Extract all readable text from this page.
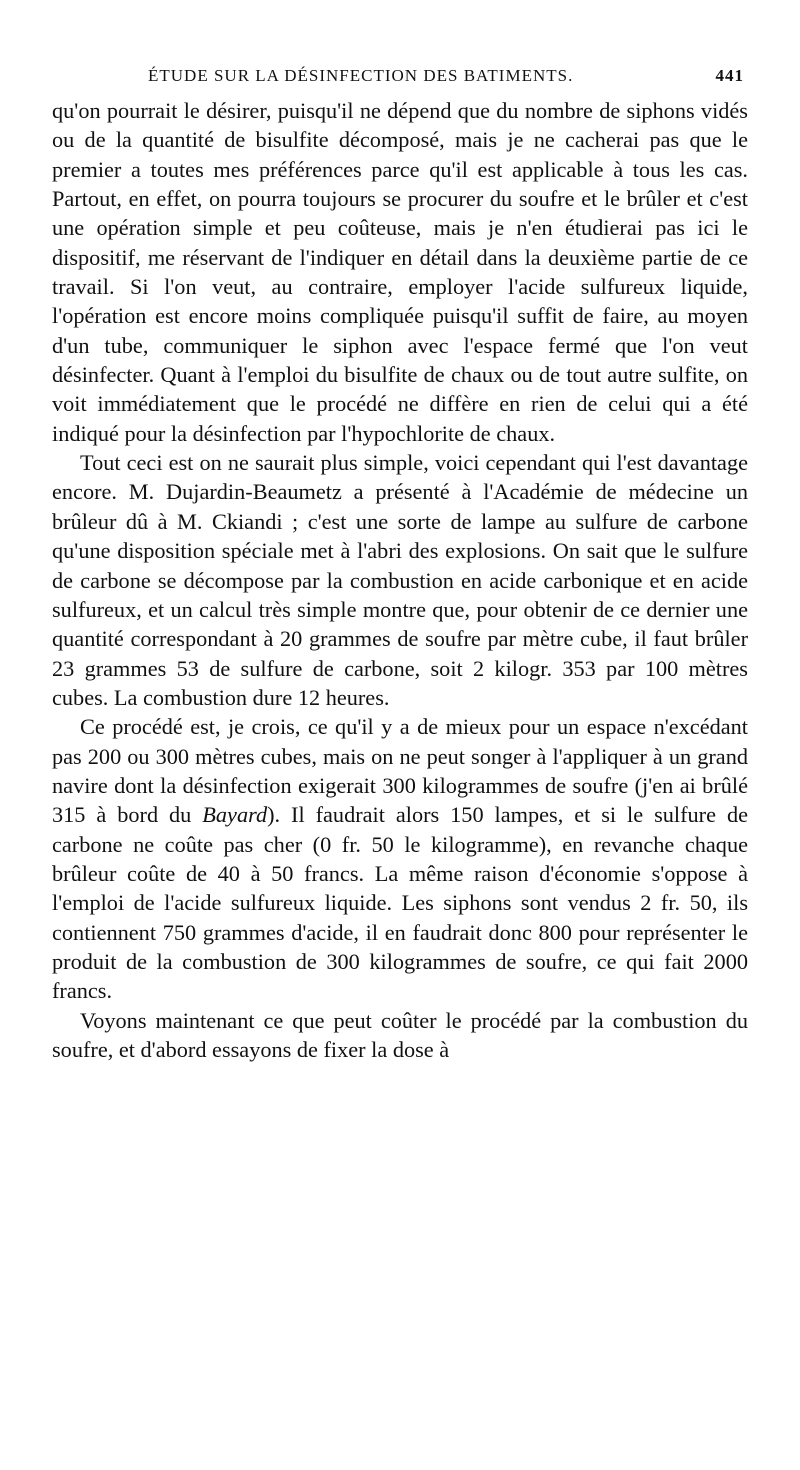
ÉTUDE SUR LA DÉSINFECTION DES BATIMENTS.	441

qu'on pourrait le désirer, puisqu'il ne dépend que du nombre de siphons vidés ou de la quantité de bisulfite décomposé, mais je ne cacherai pas que le premier a toutes mes préférences parce qu'il est applicable à tous les cas. Partout, en effet, on pourra toujours se procurer du soufre et le brûler et c'est une opération simple et peu coûteuse, mais je n'en étudierai pas ici le dispositif, me réservant de l'indiquer en détail dans la deuxième partie de ce travail. Si l'on veut, au contraire, employer l'acide sulfureux liquide, l'opération est encore moins compliquée puisqu'il suffit de faire, au moyen d'un tube, communiquer le siphon avec l'espace fermé que l'on veut désinfecter. Quant à l'emploi du bisulfite de chaux ou de tout autre sulfite, on voit immédiatement que le procédé ne diffère en rien de celui qui a été indiqué pour la désinfection par l'hypochlorite de chaux.

Tout ceci est on ne saurait plus simple, voici cependant qui l'est davantage encore. M. Dujardin-Beaumetz a présenté à l'Académie de médecine un brûleur dû à M. Ckiandi ; c'est une sorte de lampe au sulfure de carbone qu'une disposition spéciale met à l'abri des explosions. On sait que le sulfure de carbone se décompose par la combustion en acide carbonique et en acide sulfureux, et un calcul très simple montre que, pour obtenir de ce dernier une quantité correspondant à 20 grammes de soufre par mètre cube, il faut brûler 23 grammes 53 de sulfure de carbone, soit 2 kilogr. 353 par 100 mètres cubes. La combustion dure 12 heures.

Ce procédé est, je crois, ce qu'il y a de mieux pour un espace n'excédant pas 200 ou 300 mètres cubes, mais on ne peut songer à l'appliquer à un grand navire dont la désinfection exigerait 300 kilogrammes de soufre (j'en ai brûlé 315 à bord du Bayard). Il faudrait alors 150 lampes, et si le sulfure de carbone ne coûte pas cher (0 fr. 50 le kilogramme), en revanche chaque brûleur coûte de 40 à 50 francs. La même raison d'économie s'oppose à l'emploi de l'acide sulfureux liquide. Les siphons sont vendus 2 fr. 50, ils contiennent 750 grammes d'acide, il en faudrait donc 800 pour représenter le produit de la combustion de 300 kilogrammes de soufre, ce qui fait 2000 francs.

Voyons maintenant ce que peut coûter le procédé par la combustion du soufre, et d'abord essayons de fixer la dose à
